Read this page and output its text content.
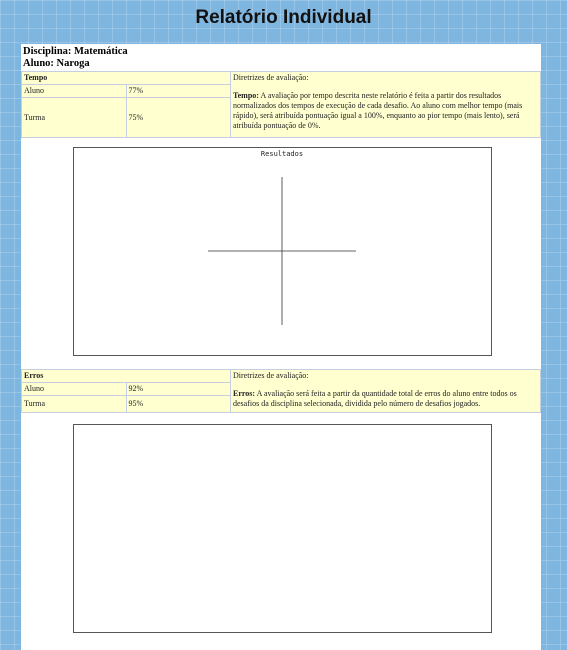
Relatório Individual
Disciplina: Matemática
Aluno: Naroga
Tempo		Diretrizes de avaliação:
Tempo: A avaliação por tempo descrita neste relatório é feita a partir dos resultados normalizados dos tempos de execução de cada desafio. Ao aluno com melhor tempo (mais rápido), será atribuída pontuação igual a 100%, enquanto ao pior tempo (mais lento), será atribuída pontuação de 0%.
Aluno	77%	
Turma	75%	
Resultados
Erros		Diretrizes de avaliação:
Erros: A avaliação será feita a partir da quantidade total de erros do aluno entre todos os desafios da disciplina selecionada, dividida pelo número de desafios jogados.
Aluno	92%	
Turma	95%	
